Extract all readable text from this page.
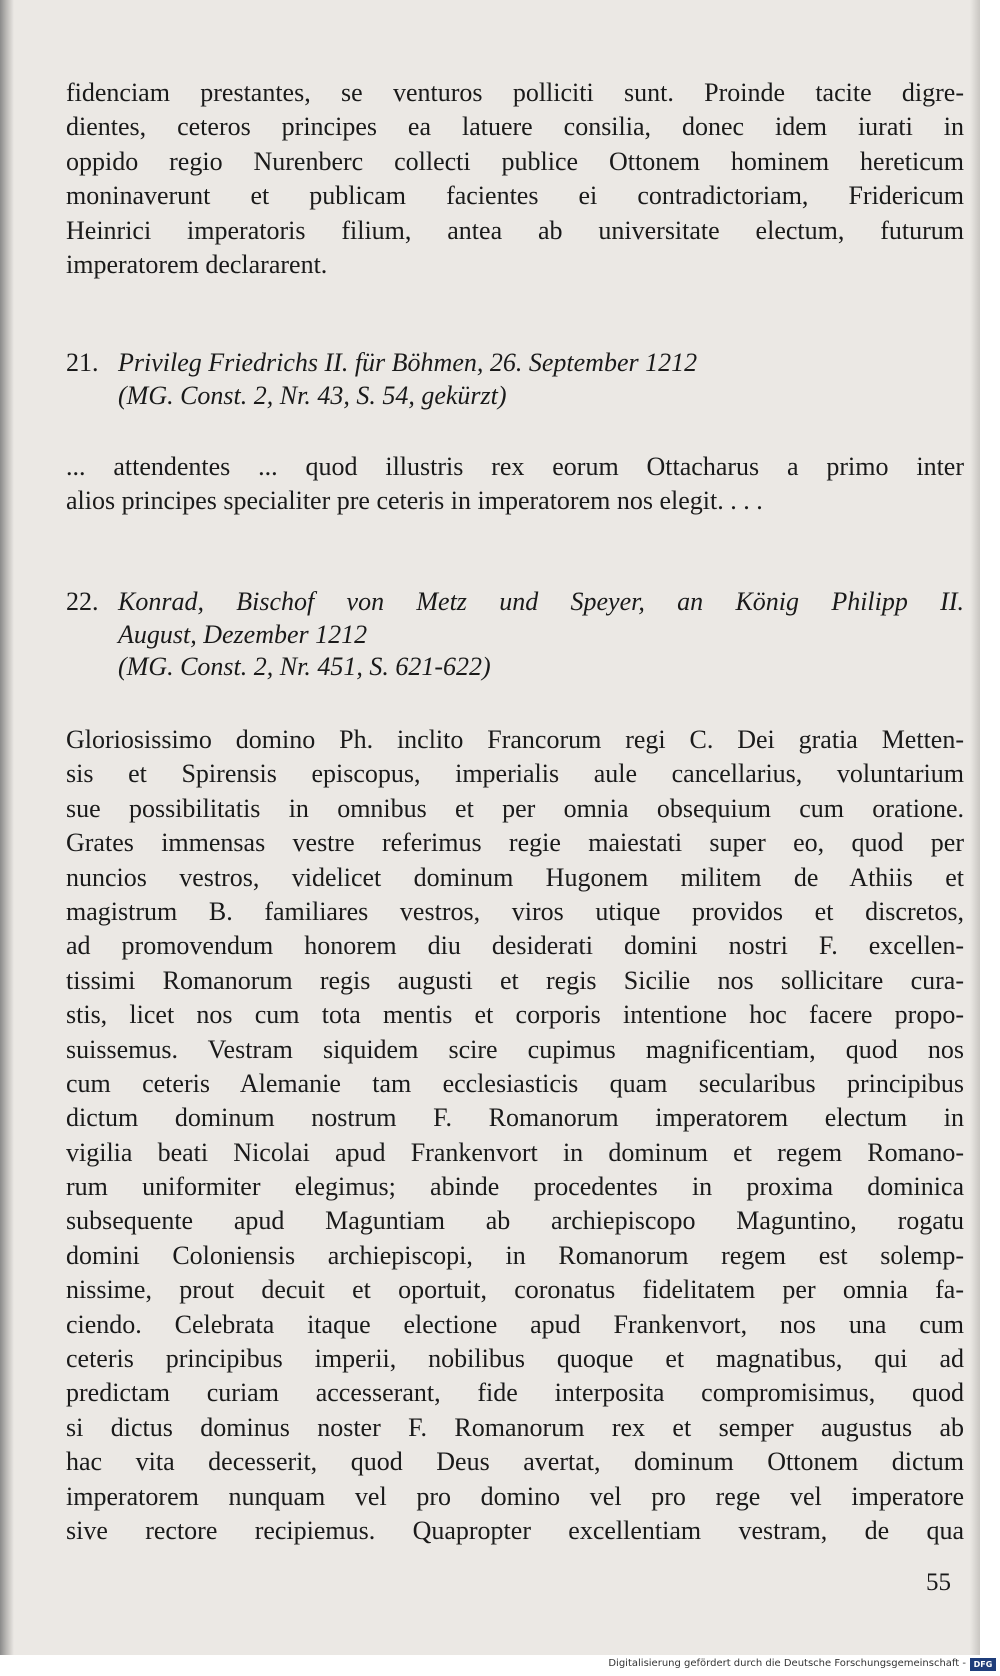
fidenciam prestantes, se venturos polliciti sunt. Proinde tacite digre-
dientes, ceteros principes ea latuere consilia, donec idem iurati in
oppido regio Nurenberc collecti publice Ottonem hominem hereticum
moninaverunt et publicam facientes ei contradictoriam, Fridericum
Heinrici imperatoris filium, antea ab universitate electum, futurum
imperatorem declararent.
21. Privileg Friedrichs II. für Böhmen, 26. September 1212
(MG. Const. 2, Nr. 43, S. 54, gekürzt)
... attendentes ... quod illustris rex eorum Ottacharus a primo inter
alios principes specialiter pre ceteris in imperatorem nos elegit. . . .
22. Konrad, Bischof von Metz und Speyer, an König Philipp II.
August, Dezember 1212
(MG. Const. 2, Nr. 451, S. 621-622)
Gloriosissimo domino Ph. inclito Francorum regi C. Dei gratia Metten-
sis et Spirensis episcopus, imperialis aule cancellarius, voluntarium
sue possibilitatis in omnibus et per omnia obsequium cum oratione.
Grates immensas vestre referimus regie maiestati super eo, quod per
nuncios vestros, videlicet dominum Hugonem militem de Athiis et
magistrum B. familiares vestros, viros utique providos et discretos,
ad promovendum honorem diu desiderati domini nostri F. excellen-
tissimi Romanorum regis augusti et regis Sicilie nos sollicitare cura-
stis, licet nos cum tota mentis et corporis intentione hoc facere propo-
suissemus. Vestram siquidem scire cupimus magnificentiam, quod nos
cum ceteris Alemanie tam ecclesiasticis quam secularibus principibus
dictum dominum nostrum F. Romanorum imperatorem electum in
vigilia beati Nicolai apud Frankenvort in dominum et regem Romano-
rum uniformiter elegimus; abinde procedentes in proxima dominica
subsequente apud Maguntiam ab archiepiscopo Maguntino, rogatu
domini Coloniensis archiepiscopi, in Romanorum regem est solemp-
nissime, prout decuit et oportuit, coronatus fidelitatem per omnia fa-
ciendo. Celebrata itaque electione apud Frankenvort, nos una cum
ceteris principibus imperii, nobilibus quoque et magnatibus, qui ad
predictam curiam accesserant, fide interposita compromisimus, quod
si dictus dominus noster F. Romanorum rex et semper augustus ab
hac vita decesserit, quod Deus avertat, dominum Ottonem dictum
imperatorem nunquam vel pro domino vel pro rege vel imperatore
sive rectore recipiemus. Quapropter excellentiam vestram, de qua
55
Digitalisierung gefördert durch die Deutsche Forschungsgemeinschaft - DFG
